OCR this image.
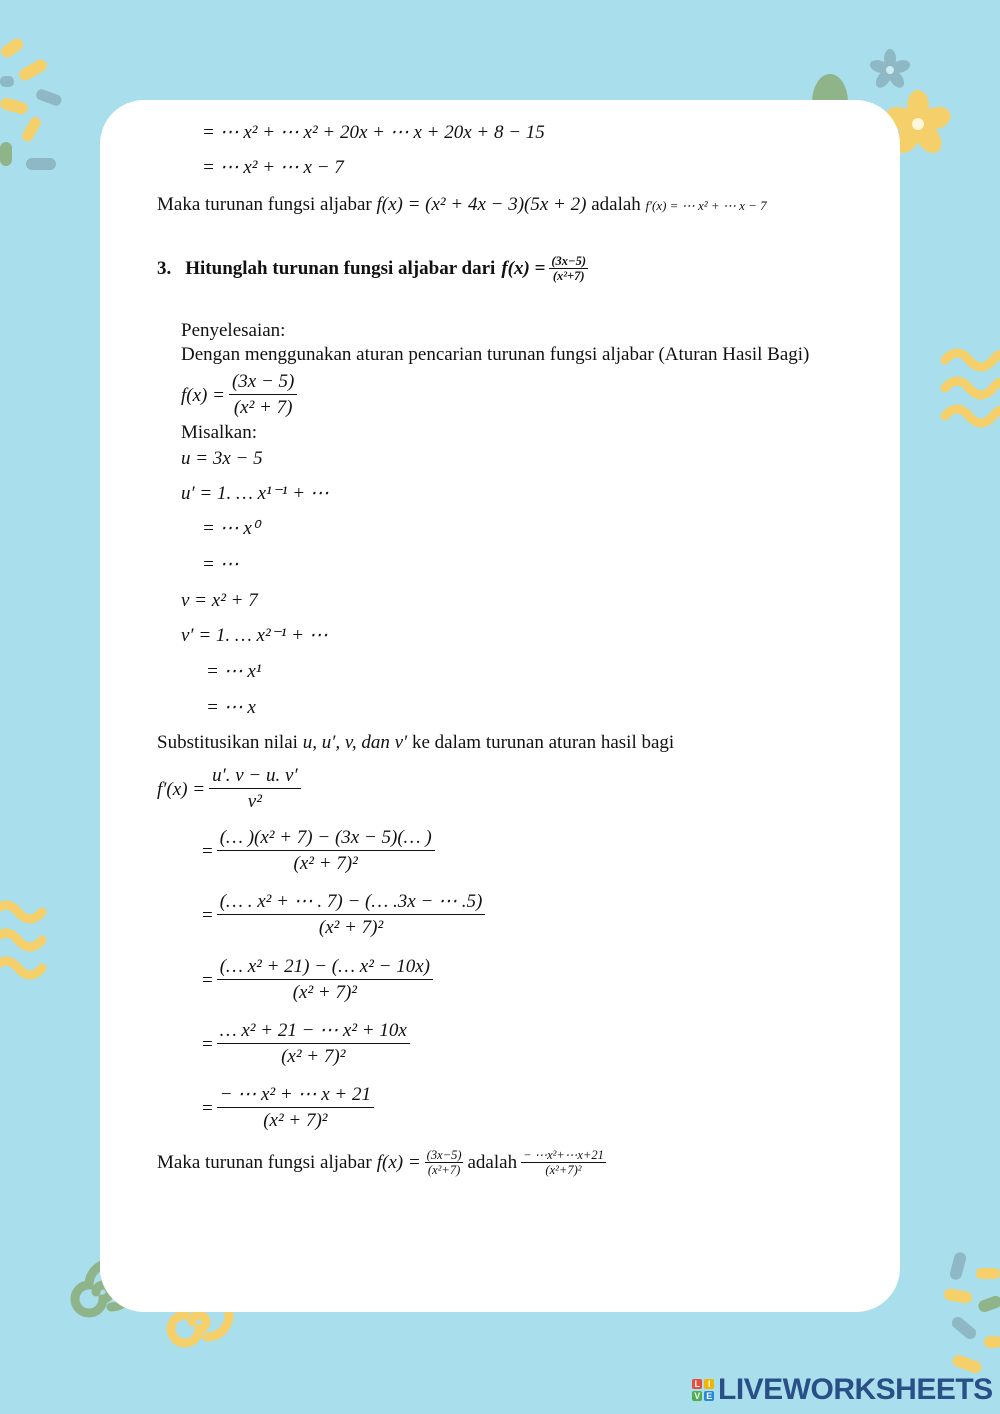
= ⋯ x² + ⋯ x² + 20x + ⋯ x + 20x + 8 − 15
= ⋯ x² + ⋯ x − 7
Maka turunan fungsi aljabar f(x) = (x² + 4x − 3)(5x + 2) adalah f′(x) = ⋯ x² + ⋯ x − 7
3. Hitunglah turunan fungsi aljabar dari $f(x) = \frac{(3x-5)}{\text{(x²+7)}}$
Penyelesaian:
Dengan menggunakan aturan pencarian turunan fungsi aljabar (Aturan Hasil Bagi)
$f(x) = \frac{(3x - 5)}{\text{(x² + 7)}}$
Misalkan:
u = 3x − 5
u′ = 1. … x¹⁻¹ + ⋯
= ⋯ x⁰
= ⋯
v = x² + 7
v′ = 1. … x²⁻¹ + ⋯
= ⋯ x¹
= ⋯ x
Substitusikan nilai u, u′, v, dan v′ ke dalam turunan aturan hasil bagi
$f'(x) = \frac{u'. v - u. v'}{\text{v²}}$
= $\frac{\text{(… )(x² + 7) − (3x − 5)(… )}}{\text{(x² + 7)²}}$
= $\frac{\text{(… . x² + ⋯ . 7) − (… .3x − ⋯ .5)}}{\text{(x² + 7)²}}$
= $\frac{\text{(… x² + 21) − (… x² − 10x)}}{\text{(x² + 7)²}}$
= $\frac{\text{… x² + 21 − ⋯ x² + 10x}}{\text{(x² + 7)²}}$
= $\frac{\text{− ⋯ x² + ⋯ x + 21}}{\text{(x² + 7)²}}$
Maka turunan fungsi aljabar $f(x) = \frac{(3x-5)}{\text{(x²+7)}}$ adalah $\frac{\text{− ⋯x²+⋯x+21}}{\text{(x²+7)²}}$
L I
V E LIVEWORKSHEETS
